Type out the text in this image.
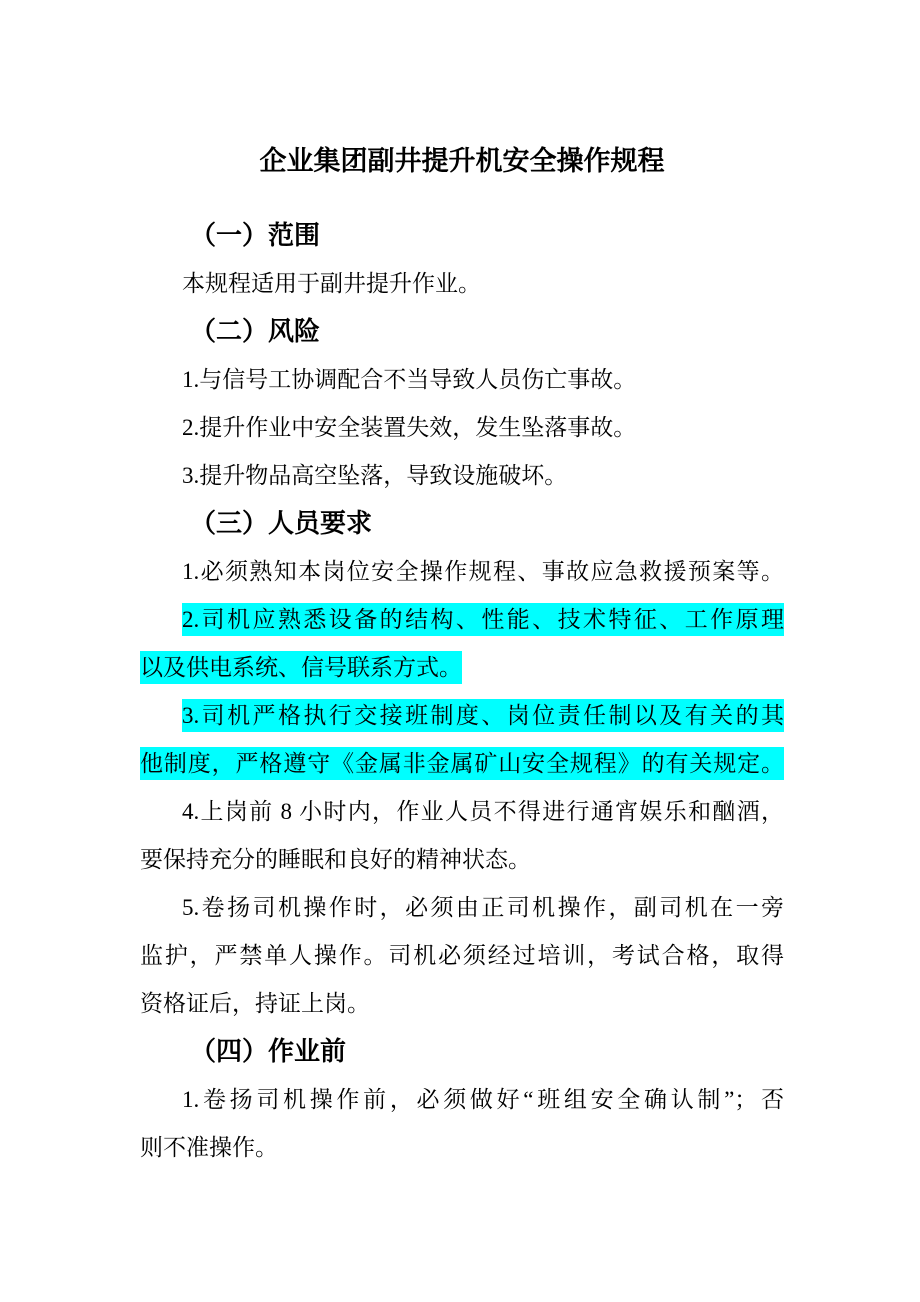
企业集团副井提升机安全操作规程
（一）范围
本规程适用于副井提升作业。
（二）风险
1.与信号工协调配合不当导致人员伤亡事故。
2.提升作业中安全装置失效，发生坠落事故。
3.提升物品高空坠落，导致设施破坏。
（三）人员要求
1.必须熟知本岗位安全操作规程、事故应急救援预案等。
2.司机应熟悉设备的结构、性能、技术特征、工作原理
以及供电系统、信号联系方式。
3.司机严格执行交接班制度、岗位责任制以及有关的其
他制度，严格遵守《金属非金属矿山安全规程》的有关规定。
4.上岗前 8 小时内，作业人员不得进行通宵娱乐和酗酒，
要保持充分的睡眠和良好的精神状态。
5.卷扬司机操作时，必须由正司机操作，副司机在一旁
监护，严禁单人操作。司机必须经过培训，考试合格，取得
资格证后，持证上岗。
（四）作业前
1.卷扬司机操作前，必须做好“班组安全确认制”；否
则不准操作。
